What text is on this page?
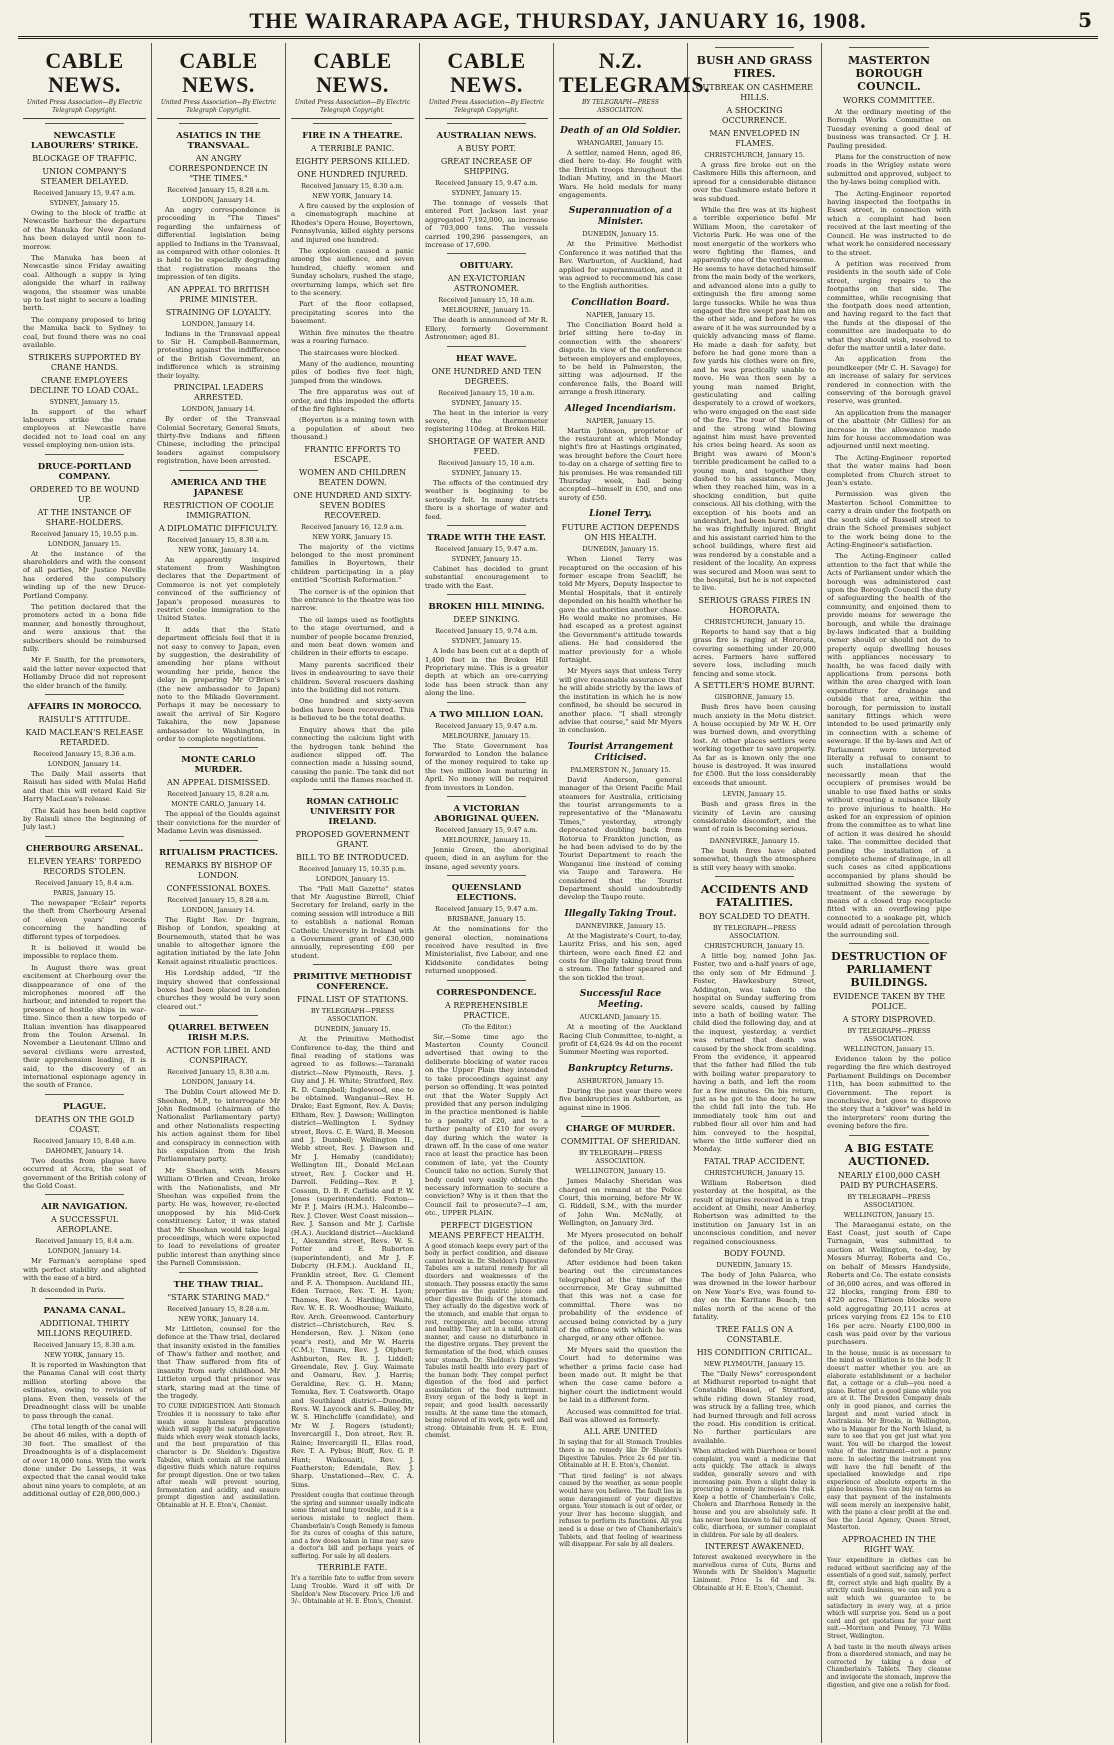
THE WAIRARAPA AGE, THURSDAY, JANUARY 16, 1908.	5
CABLE NEWS.
United Press Association—By Electric Telegraph Copyright.
NEWCASTLE LABOURERS' STRIKE.
BLOCKAGE OF TRAFFIC.
UNION COMPANY'S STEAMER DELAYED.
Received January 15, 9.47 a.m.
SYDNEY, January 15.
Owing to the block of traffic at Newcastle harbour the departure of the Manuka for New Zealand has been delayed until noon to-morrow.
The Manuka has been at Newcastle since Friday awaiting coal. Although a suppy is lying alongside the wharf in railway wagons, the steamer was unable up to last night to secure a loading berth.
The company proposed to bring the Manuka back to Sydney to coal, but found there was no coal available.
STRIKERS SUPPORTED BY CRANE HANDS.
CRANE EMPLOYEES DECLINE TO LOAD COAL.
SYDNEY, January 15.
In support of the wharf labourers strike the crane employees at Newcastle have decided not to load coal on any vessel employing non-union ists.
DRUCE-PORTLAND COMPANY.
ORDERED TO BE WOUND UP.
AT THE INSTANCE OF SHARE-HOLDERS.
Received January 15, 10.55 p.m.
LONDON, January 15.
At the instance of the shareholders and with the consent of all parties, Mr Justice Neville has ordered the compulsory winding up of the new Druce-Portland Company.
The petition declared that the promoters acted in a bona fide manner, and honestly throughout, and were anxious that the subscribers should be reimbursed fully.
Mr F. Smith, for the promoters, said the latter never expected that Hollamby Druce did not represent the elder branch of the family.
AFFAIRS IN MOROCCO.
RAISULI'S ATTITUDE.
KAID MACLEAN'S RELEASE RETARDED.
Received January 15, 8.36 a.m.
LONDON, January 14.
The Daily Mail asserts that Raisuli has sided with Mulai Hafid and that this will retard Kaid Sir Harry MacLean's release.
(The Kaid has been held captive by Raisuli since the beginning of July last.)
CHERBOURG ARSENAL.
ELEVEN YEARS' TORPEDO RECORDS STOLEN.
Received January 15, 8.4 a.m.
PARIS, January 15.
The newspaper "Eclair" reports the theft from Cherbourg Arsenal of eleven years' records concerning the handling of different types of torpedoes.
It is believed it would be impossible to replace them.
In August there was great excitement at Cherbourg over the disappearance of one of the microphones moored off the harbour, and intended to report the presence of hostile ships in war-time. Since then a new torpedo of Italian invention has disappeared from the Toulon Arsenal. In November a Lieutenant Ullmo and several civilians were arrested, their apprehension leading, it is said, to the discovery of an international espionage agency in the south of France.
PLAGUE.
DEATHS ON THE GOLD COAST.
Received January 15, 8.48 a.m.
DAHOMEY, January 14.
Two deaths from plague have occurred at Accra, the seat of government of the British colony of the Gold Coast.
AIR NAVIGATION.
A SUCCESSFUL AEROPLANE.
Received January 15, 8.4 a.m.
LONDON, January 14.
Mr Farman's aeroplane sped with perfect stability and alighted with the ease of a bird.
It descended in Paris.
PANAMA CANAL.
ADDITIONAL THIRTY MILLIONS REQUIRED.
Received January 15, 8.30 a.m.
NEW YORK, January 15.
It is reported in Washington that the Panama Canal will cost thirty million sterling above the estimates, owing to revision of plans. Even then, vessels of the Dreadnought class will be unable to pass through the canal.
(The total length of the canal will be about 46 miles, with a depth of 30 feet. The smallest of the Dreadnoughts is of a displacement of over 18,000 tons. With the work done under De Lesseps, it was expected that the canal would take about nine years to complete, at an additional outlay of £28,000,000.)
CABLE NEWS.
United Press Association—By Electric Telegraph Copyright.
ASIATICS IN THE TRANSVAAL.
AN ANGRY CORRESPONDENCE IN "THE TIMES."
Received January 15, 8.28 a.m.
LONDON, January 14.
An angry correspondence is proceeding in "The Times" regarding the unfairness of differential legislation being applied to Indians in the Transvaal, as compared with other colonies. It is held to be especially degrading that registration means the impression of ten digits.
AN APPEAL TO BRITISH PRIME MINISTER.
STRAINING OF LOYALTY.
LONDON, January 14.
Indians in the Transvaal appeal to Sir H. Campbell-Bannerman, protesting against the indifference of the British Government, an indifference which is straining their loyalty.
PRINCIPAL LEADERS ARRESTED.
LONDON, January 14.
By order of the Transvaal Colonial Secretary, General Smuts, thirty-five Indians and fifteen Chinese, including the principal leaders against compulsory registration, have been arrested.
AMERICA AND THE JAPANESE
RESTRICTION OF COOLIE IMMIGRATION.
A DIPLOMATIC DIFFICULTY.
Received January 15, 8.30 a.m.
NEW YORK, January 14.
An apparently inspired statement from Washington declares that the Department of Commerce is not yet completely convinced of the sufficiency of Japan's proposed measures to restrict coolie immigration to the United States.
It adds that the State department officials feel that it is not easy to convey to Japan, even by suggestion, the desirability of amending her plans without wounding her pride, hence the delay in preparing Mr O'Brien's (the new ambassador to Japan) note to the Mikado Government. Perhaps it may be necessary to await the arrival of Sir Kogoro Takahira, the new Japanese ambassador to Washington, in order to complete negotiations.
MONTE CARLO MURDER.
AN APPEAL DISMISSED.
Received January 15, 8.28 a.m.
MONTE CARLO, January 14.
The appeal of the Goulds against their convictions for the murder of Madame Levin was dismissed.
RITUALISM PRACTICES.
REMARKS BY BISHOP OF LONDON.
CONFESSIONAL BOXES.
Received January 15, 8.28 a.m.
LONDON, January 14.
The Right Rev. Dr Ingram, Bishop of London, speaking at Bournemouth, stated that he was unable to altogether ignore the agitation initiated by the late John Kensit against ritualistic practices.
His Lordship added, "If the inquiry showed that confessional boxes had been placed in London churches they would be very soon cleared out."
QUARREL BETWEEN IRISH M.P.S.
ACTION FOR LIBEL AND CONSPIRACY.
Received January 15, 8.30 a.m.
LONDON, January 14.
The Dublin Court allowed Mr D. Sheehan, M.P., to interrogate Mr John Redmond (chairman of the Nationalist Parliamentary party) and other Nationalists respecting his action against them for libel and conspiracy in connection with his expulsion from the Irish Parliamentary party.
Mr Sheehan, with Messrs William O'Brien and Crean, broke with the Nationalists, and Mr Sheehan was expelled from the party. He was, however, re-elected unopposed by his Mid-Cork constituency. Later, it was stated that Mr Sheehan would take legal proceedings, which were expected to lead to revelations of greater public interest than anything since the Parnell Commission.
THE THAW TRIAL.
"STARK STARING MAD."
Received January 15, 8.28 a.m.
NEW YORK, January 14.
Mr Littleton, counsel for the defence at the Thaw trial, declared that insanity existed in the families of Thaw's father and mother, and that Thaw suffered from fits of insanity from early childhood. Mr Littleton urged that prisoner was stark, staring mad at the time of the tragedy.
TO CURE INDIGESTION. Anti Stomach Troubles it is necessary to take after meals some harmless preparation which will supply the natural digestive fluids which every weak stomach lacks, and the best preparation of this character is Dr. Sheldon's Digestive Tabules, which contain all the natural digestive fluids which nature requires for prompt digestion. One or two taken after meals will prevent souring, fermentation and acidity, and ensure prompt digestion and assimilation. Obtainable at H. E. Eton's, Chemist.
CABLE NEWS.
United Press Association—By Electric Telegraph Copyright.
FIRE IN A THEATRE.
A TERRIBLE PANIC.
EIGHTY PERSONS KILLED.
ONE HUNDRED INJURED.
Received January 15, 8.30 a.m.
NEW YORK, January 14.
A fire caused by the explosion of a cinematograph machine at Rhodes's Opera House, Boyertown, Pennsylvania, killed eighty persons and injured one hundred.
The explosion caused a panic among the audience, and seven hundred, chiefly women and Sunday scholars, rushed the stage, overturning lamps, which set fire to the scenery.
Part of the floor collapsed, precipitating scores into the basement.
Within five minutes the theatre was a roaring furnace.
The staircases were blocked.
Many of the audience, mounting piles of bodies five feet high, jumped from the windows.
The fire apparatus was out of order, and this impeded the efforts of the fire fighters.
(Boyerton is a mining town with a population of about two thousand.)
FRANTIC EFFORTS TO ESCAPE.
WOMEN AND CHILDREN BEATEN DOWN.
ONE HUNDRED AND SIXTY-SEVEN BODIES RECOVERED.
Received January 16, 12.9 a.m.
NEW YORK, January 15.
The majority of the victims belonged to the most prominent families in Boyertown, their children participating in a play entitled "Scottish Reformation."
The corner is of the opinion that the entrance to the theatre was too narrow.
The oil lamps used as footlights to the stage overturned, and a number of people became frenzied, and men beat down women and children in their efforts to escape.
Many parents sacrificed their lives in endeavouring to save their children. Several rescuers dashing into the building did not return.
One hundred and sixty-seven bodies have been recovered. This is believed to be the total deaths.
Enquiry shows that the pile connecting the calcium light with the hydrogen tank behind the audience slipped off. The connection made a hissing sound, causing the panic. The tank did not explode until the flames reached it.
ROMAN CATHOLIC UNIVERSITY FOR IRELAND.
PROPOSED GOVERNMENT GRANT.
BILL TO BE INTRODUCED.
Received January 15, 10.35 p.m.
LONDON, January 15.
The "Pall Mall Gazette" states that Mr Augustine Birrell, Chief Secretary for Ireland, early in the coming session will introduce a Bill to establish a national Roman Catholic University in Ireland with a Government grant of £30,000 annually, representing £60 per student.
PRIMITIVE METHODIST CONFERENCE.
FINAL LIST OF STATIONS.
BY TELEGRAPH—PRESS ASSOCIATION.
DUNEDIN, January 15.
At the Primitive Methodist Conference to-day, the third and final reading of stations was agreed to as follows:—Taranaki district—New Plymouth, Revs. J. Guy and J. H. White; Stratford, Rev. R. D. Campbell; Inglewood, one to be obtained. Wanganui—Rev. H. Drake; East Egmont, Rev. A. Davis; Eltham, Rev. J. Dawson; Wellington district—Wellington I. Sydney street, Revs. C. E. Ward, B. Meeson and J. Dumbell; Wellington II., Webb street, Rev. J. Dawson and Mr J. Hemaby (candidate); Wellington III., Donald McLean street, Rev. J. Cocker and H. Darrell. Feilding—Rev. P. J. Cossum, D. B. F. Carlisle and P. W. Jones (superintendent). Foxton—Mr P. J. Mairs (H.M.). Halcombe—Rev. J. Clover. West Coast mission—Rev. J. Sanson and Mr J. Carlisle (H.A.). Auckland district—Auckland I., Alexandra street, Revs. W. S. Potter and E. Ruborton (superintendent), and Mr J. F. Dobcrty (H.F.M.). Auckland II., Franklin street, Rev. G. Clement and F. A. Thompson. Auckland III., Eden Terrace, Rev. T. H. Lyon; Thames, Rev. A. Harding; Waihi, Rev. W. E. R. Woodhouse; Waikato, Rev. Arch. Greenwood. Canterbury district—Christchurch, Rev. S. Henderson, Rev. J. Nixon (one year's rest), and Mr W. Harris (C.M.); Timaru, Rev. J. Olphert; Ashburton, Rev. R. J. Liddell; Greendale, Rev. J. Guy. Waimate and Oamaru, Rev. J. Harris; Geraldine, Rev. G. H. Mann; Temuka, Rev. T. Coatsworth. Otago and Southland district—Dunedin, Revs. W. Laycock and S. Bailey, Mr W. S. Hinchcliffe (candidate), and Mr W. J. Rogers (student); Invercargill I., Don street, Rev. R. Raine; Invercargill II., Ellas road, Rev. T. A. Pybus; Bluff, Rev. G. P. Hunt; Waikouaiti, Rev. J. Featherston; Edendale, Rev. J. Sharp. Unstationed—Rev. C. A. Sims.
President coughs that continue through the spring and summer usually indicate some throat and lung trouble, and it is a serious mistake to neglect them. Chamberlain's Cough Remedy is famous for its cures of coughs of this nature, and a few doses taken in time may save a doctor's bill and perhaps years of suffering. For sale by all dealers.
TERRIBLE FATE.
It's a terrible fate to suffer from severe Lung Trouble. Ward it off with Dr Sheldon's New Discovery. Price 1/6 and 3/-. Obtainable at H. E. Eton's, Chemist.
CABLE NEWS.
United Press Association—By Electric Telegraph Copyright.
AUSTRALIAN NEWS.
A BUSY PORT.
GREAT INCREASE OF SHIPPING.
Received January 15, 9.47 a.m.
SYDNEY, January 15.
The tonnage of vessels that entered Port Jackson last year aggregated 7,192,000, an increase of 703,000 tons. The vessels carried 190,296 passengers, an increase of 17,690.
OBITUARY.
AN EX-VICTORIAN ASTRONOMER.
Received January 15, 10 a.m.
MELBOURNE, January 15.
The death is announced of Mr R. Ellery, formerly Government Astronomer; aged 81.
HEAT WAVE.
ONE HUNDRED AND TEN DEGREES.
Received January 15, 10 a.m.
SYDNEY, January 15.
The heat in the interior is very severe, the thermometer registering 110deg. at Broken Hill.
SHORTAGE OF WATER AND FEED.
Received January 15, 10 a.m.
SYDNEY, January 15.
The effects of the continued dry weather is beginning to be seriously felt. In many districts there is a shortage of water and feed.
TRADE WITH THE EAST.
Received January 15, 9.47 a.m.
SYDNEY, January 15.
Cabinet has decided to grant substantial encouragement to trade with the East.
BROKEN HILL MINING.
DEEP SINKING.
Received January 15, 9.74 a.m.
SYDNEY, January 15.
A lode has been cut at a depth of 1,400 feet in the Broken Hill Proprietary mine. This is a greater depth at which an ore-carrying lode has been struck than any along the line.
A TWO MILLION LOAN.
Received January 15, 9.47 a.m.
MELBOURNE, January 15.
The State Government has forwarded to London the balance of the money required to take up the two million loan maturing in April. No money will be required from investors in London.
A VICTORIAN ABORIGINAL QUEEN.
Received January 15, 9.47 a.m.
MELBOURNE, January 15.
Jennie Green, the aboriginal queen, died in an asylum for the insane, aged seventy years.
QUEENSLAND ELECTIONS.
Received January 15, 9.47 a.m.
BRISBANE, January 15.
At the nominations for the general election, nominations received have resulted in five Ministerialist, five Labour, and one Kiddsonite candidates being returned unopposed.
CORRESPONDENCE.
A REPREHENSIBLE PRACTICE.
(To the Editor.)
Sir,—Some time ago the Masterton County Council advertised that owing to the deliberate blocking of water races on the Upper Plain they intended to take proceedings against any person so offending. It was pointed out that the Water Supply Act provided that any person indulging in the practice mentioned is liable to a penalty of £20, and to a further penalty of £10 for every day during which the water is drawn off. In the case of one water race at least the practice has been common of late, yet the County Council take no action. Surely that body could very easily obtain the necessary information to secure a conviction? Why is it then that the Council fail to prosecute?—I am, etc., UPPER PLAIN.
PERFECT DIGESTION MEANS PERFECT HEALTH.
A good stomach keeps every part of the body in perfect condition, and disease cannot break in. Dr. Sheldon's Digestive Tabules are a natural remedy for all disorders and weaknesses of the stomach. They possess exactly the same properties as the gastric juices and other digestive fluids of the stomach. They actually do the digestive work of the stomach, and enable that organ to rest, recuperate, and become strong and healthy. They act in a mild, natural manner, and cause no disturbance in the digestive organs. They prevent the fermentation of the food, which causes sour stomach. Dr. Sheldon's Digestive Tabules instil health into every part of the human body. They compel perfect digestion of the food and perfect assimilation of the food nutriment. Every organ of the body is kept in repair, and good health necessarily results. At the same time the stomach, being relieved of its work, gets well and strong. Obtainable from H. E. Eton, chemist.
N.Z. TELEGRAMS.
BY TELEGRAPH—PRESS ASSOCIATION.
Death of an Old Soldier.
WHANGAREI, January 15.
A settler, named Henn, aged 86, died here to-day. He fought with the British troops throughout the Indian Mutiny, and in the Maori Wars. He held medals for many engagements.
Superannuation of a Minister.
DUNEDIN, January 15.
At the Primitive Methodist Conference it was notified that the Rev. Warburton, of Auckland, had applied for superannuation, and it was agreed to recommend his case to the English authorities.
Conciliation Board.
NAPIER, January 15.
The Conciliation Board held a brief sitting here to-day in connection with the shearers' dispute. In view of the conference between employers and employees, to be held in Palmerston, the sitting was adjourned. If the conference fails, the Board will arrange a fresh itinerary.
Alleged Incendiarism.
NAPIER, January 15.
Martin Johnson, proprietor of the restaurant at which Monday night's fire at Hastings originated, was brought before the Court here to-day on a charge of setting fire to his premises. He was remanded till Thursday week, bail being accepted—himself in £50, and one surety of £50.
Lionel Terry.
FUTURE ACTION DEPENDS ON HIS HEALTH.
DUNEDIN, January 15.
When Lionel Terry was recaptured on the occasion of his former escape from Seacliff, he told Mr Myers, Deputy Inspector to Mental Hospitals, that it entirely depended on his health whether he gave the authorities another chase. He would make no promises. He had escaped as a protest against the Government's attitude towards aliens. He had considered the matter previously for a whole fortnight.
Mr Myers says that unless Terry will give reasonable assurance that he will abide strictly by the laws of the institution in which he is now confined, he should be secured in another place. "I shall strongly advise that course," said Mr Myers in conclusion.
Tourist Arrangement Criticised.
PALMERSTON N., January 15.
David Anderson, general manager of the Orient Pacific Mail steamers for Australia, criticising the tourist arrangements to a representative of the "Manawatu Times," yesterday, strongly deprecated doubling back from Rotorua to Frankton junction, as he had been advised to do by the Tourist Department to reach the Wanganui line instead of coming via Taupo and Tarawera. He considered that the Tourist Department should undoubtedly develop the Taupo route.
Illegally Taking Trout.
DANNEVIRKE, January 15.
At the Magistrate's Court, to-day, Lauritz Friss, and his son, aged thirteen, were each fined £2 and costs for illegally taking trout from a stream. The father speared and the son tickled the trout.
Successful Race Meeting.
AUCKLAND, January 15.
At a meeting of the Auckland Racing Club Committee, to-night, a profit of £4,624 9s 4d on the recent Summer Meeting was reported.
Bankruptcy Returns.
ASHBURTON, January 15.
During the past year there were five bankruptcies in Ashburton, as against nine in 1906.
CHARGE OF MURDER.
COMMITTAL OF SHERIDAN.
BY TELEGRAPH—PRESS ASSOCIATION.
WELLINGTON, January 15.
James Malachy Sheridan was charged on remand at the Police Court, this morning, before Mr W. G. Riddell, S.M., with the murder of John Wm. McNally, at Wellington, on January 3rd.
Mr Myers prosecuted on behalf of the police, and accused was defended by Mr Gray.
After evidence had been taken bearing out the circumstances telegraphed at the time of the occurrence, Mr Gray submitted that this was not a case for committal. There was no probability of the evidence of accused being convicted by a jury of the offence with which he was charged, or any other offence.
Mr Myers said the question the Court had to determine was whether a prima facie case had been made out. It might be that when the case came before a higher court the indictment would be laid in a different form.
Accused was committed for trial. Bail was allowed as formerly.
ALL ARE UNITED
In saying that for all Stomach Troubles there is no remedy like Dr Sheldon's Digestive Tabules. Price 2s 6d per tin. Obtainable at H. E. Eton's, Chemist.
"That tired feeling" is not always caused by the weather, as some people would have you believe. The fault lies in some derangement of your digestive organs. Your stomach is out of order, or your liver has become sluggish, and refuses to perform its functions. All you need is a dose or two of Chamberlain's Tablets, and that feeling of weariness will disappear. For sale by all dealers.
BUSH AND GRASS FIRES.
OUTBREAK ON CASHMERE HILLS.
A SHOCKING OCCURRENCE.
MAN ENVELOPED IN FLAMES.
CHRISTCHURCH, January 15.
A grass fire broke out on the Cashmere Hills this afternoon, and spread for a considerable distance over the Cashmere estate before it was subdued.
While the fire was at its highest a terrible experience befel Mr William Moon, the caretaker of Victoria Park. He was one of the most energetic of the workers who were fighting the flames, and apparently one of the venturesome. He seems to have detached himself from the main body of the workers, and advanced alone into a gully to extinguish the fire among some large tussocks. While he was thus engaged the fire swept past him on the other side, and before he was aware of it he was surrounded by a quickly advancing mass of flame. He made a dash for safety, but before he had gone more than a few yards his clothes were on fire, and he was practically unable to move. He was then seen by a young man named Bright, gesticulating and calling desperately to a crowd of workers, who were engaged on the east side of the fire. The roar of the flames and the strong wind blowing against him must have prevented his cries being heard. As soon as Bright was aware of Moon's terrible predicament he called to a young man, and together they dashed to his assistance. Moon, when they reached him, was in a shocking condition, but quite conscious. All his clothing, with the exception of his boots and an undershirt, had been burnt off, and he was frightfully injured. Bright and his assistant carried him to the school buildings, where first aid was rendered by a constable and a resident of the locality. An express was secured and Moon was sent to the hospital, but he is not expected to live.
SERIOUS GRASS FIRES IN HORORATA.
CHRISTCHURCH, January 15.
Reports to hand say that a big grass fire is raging at Hororata, covering something under 20,000 acres. Farmers have suffered severe loss, including much fencing and some stock.
A SETTLER'S HOME BURNT.
GISBORNE, January 15.
Bush fires have been causing much anxiety in the Motu district. A house occupied by Mr W. H. Orr was burned down, and everything lost. At other places settlers were working together to save property. As far as is known only the one house is destroyed. It was insured for £500. But the loss considerably exceeds that amount.
LEVIN, January 15.
Bush and grass fires in the vicinity of Levin are causing considerable discomfort, and the want of rain is becoming serious.
DANNEVIRKE, January 15.
The bush fires have abated somewhat, though the atmosphere is still very heavy with smoke.
ACCIDENTS AND FATALITIES.
BOY SCALDED TO DEATH.
BY TELEGRAPH—PRESS ASSOCIATION.
CHRISTCHURCH, January 15.
A little boy, named John Jas. Foster, two and a-half years of age, the only son of Mr Edmund J. Foster, Hawkesbury Street, Addington, was taken to the hospital on Sunday suffering from severe scalds, caused by falling into a bath of boiling water. The child died the following day, and at the inquest, yesterday, a verdict was returned that death was caused by the shock from scalding. From the evidence, it appeared that the father had filled the tub with boiling water preparatory to having a bath, and left the room for a few minutes. On his return, just as he got to the door, he saw the child fall into the tub. He immediately took him out and rubbed flour all over him and had him conveyed to the hospital, where the little sufferer died on Monday.
FATAL TRAP ACCIDENT.
CHRISTCHURCH, January 15.
William Robertson died yesterday at the hospital, as the result of injuries received in a trap accident at Omihi, near Amberley. Robertson was admitted to the institution on January 1st in an unconscious condition, and never regained consciousness.
BODY FOUND.
DUNEDIN, January 15.
The body of John Palarca, who was drowned in the lower harbour on New Year's Eve, was found to-day on the Karitane Beach, ten miles north of the scene of the fatality.
TREE FALLS ON A CONSTABLE.
HIS CONDITION CRITICAL.
NEW PLYMOUTH, January 15.
The "Daily News" correspondent at Midhurst reported to-night that Constable Bleasel, of Stratford, while riding down Stanley road, was struck by a falling tree, which had burned through and fell across the road. His condition is critical. No further particulars are available.
When attacked with Diarrhoea or bowel complaint, you want a medicine that acts quickly. The attack is always sudden, generally severe and with increasing pain. Even a slight delay in procuring a remedy increases the risk. Keep a bottle of Chamberlain's Colic, Cholera and Diarrhoea Remedy in the house and you are absolutely safe. It has never been known to fail in cases of colic, diarrhoea, or summer complaint in children. For sale by all dealers.
INTEREST AWAKENED.
Interest awakened everywhere in the marvellous cures of Cuts, Burns and Wounds with Dr Sheldon's Magnetic Liniment. Price 1s 6d and 3s. Obtainable at H. E. Eton's, Chemist.
MASTERTON BOROUGH COUNCIL.
WORKS COMMITTEE.
At the ordinary meeting of the Borough Works Committee on Tuesday evening a good deal of business was transacted. Cr J. H. Pauling presided.
Plans for the construction of new roads in the Wrigley estate were submitted and approved, subject to the by-laws being complied with.
The Acting-Engineer reported having inspected the footpaths in Essex street, in connection with which a complaint had been received at the last meeting of the Council. He was instructed to do what work he considered necessary to the street.
A petition was received from residents in the south side of Cole street, urging repairs to the footpaths on that side. The committee, while recognising that the footpath does need attention, and having regard to the fact that the funds at the disposal of the committee are inadequate to do what they should wish, resolved to defer the matter until a later date.
An application from the poundkeeper (Mr C. H. Savage) for an increase of salary for services rendered in connection with the conserving of the borough gravel reserve, was granted.
An application from the manager of the abattoir (Mr Gillies) for an increase in the allowance made him for house accommodation was adjourned until next meeting.
The Acting-Engineer reported that the water mains had been completed from Church street to Jean's estate.
Permission was given the Masterton School Committee to carry a drain under the footpath on the south side of Russell street to drain the School premises subject to the work being done to the Acting-Engineer's satisfaction.
The Acting-Engineer called attention to the fact that while the Acts of Parliament under which the borough was administered cast upon the Borough Council the duty of safeguarding the health of the community, and enjoined them to provide means for sewerage the borough, and while the drainage by-laws indicated that a building owner should or should not do to properly equip dwelling houses with appliances necessary to health, he was faced daily with applications from persons both within the area charged with loan expenditure for drainage and outside that area, within the borough, for permission to install sanitary fittings which were intended to be used primarily only in connection with a scheme of sewerage. If the by-laws and Act of Parliament were interpreted literally a refusal to consent to such installations would necessarily mean that the occupiers of premises would be unable to use fixed baths or sinks without creating a nuisance likely to prove injurious to health. He asked for an expression of opinion from the committee as to what line of action it was desired he should take. The committee decided that pending the installation of a complete scheme of drainage, in all such cases as cited applications accompanied by plans should be submitted showing the system of treatment of the sewerage by means of a closed trap receptacle fitted with an overflowing pipe connected to a soakage pit, which would admit of percolation through the surrounding soil.
DESTRUCTION OF PARLIAMENT BUILDINGS.
EVIDENCE TAKEN BY THE POLICE.
A STORY DISPROVED.
BY TELEGRAPH—PRESS ASSOCIATION.
WELLINGTON, January 15.
Evidence taken by the police regarding the fire which destroyed Parliament Buildings on December 11th, has been submitted to the Government. The report is inconclusive, but goes to disprove the story that a "skiver" was held in the interpreters' room during the evening before the fire.
A BIG ESTATE AUCTIONED.
NEARLY £100,000 CASH PAID BY PURCHASERS.
BY TELEGRAPH—PRESS ASSOCIATION.
WELLINGTON, January 15.
The Maraeganui estate, on the East Coast, just south of Cape Turnagain, was submitted to auction at Wellington, to-day, by Messrs Murray, Roberts and Co., on behalf of Messrs Handyside, Roberts and Co. The estate consists of 36,600 acres, and was offered in 22 blocks, ranging from £80 to 4720 acres. Thirteen blocks were sold aggregating 20,111 acres at prices varying from £2 15s to £10 16s per acre. Nearly £100,000 in cash was paid over by the various purchasers.
In the house, music is as necessary to the mind as ventilation is to the body. It doesn't matter whether you are an elaborate establishment or a bachelor flat, a cottage or a club—you need a piano. Better get a good piano while you are at it. The Dresden Company deals only in good pianos, and carries the largest and most varied stock in Australasia. Mr Brooks, in Wellington, who is Manager for the North Island, is sure to see that you get just what you want. You will be charged the lowest value of the instrument—not a penny more. In selecting the instrument you will have the full benefit of the specialised knowledge and ripe experience of absolute experts in the piano business. You can buy on terms as easy that payment of the instalments will seem merely an inexpensive habit, with the piano a clear profit at the end. See the Local Agency, Queen Street, Masterton.
APPROACHED IN THE RIGHT WAY.
Your expenditure in clothes can be reduced without sacrificing any of the essentials of a good suit, namely, perfect fit, correct style and high quality. By a strictly cash business, we can sell you a suit which we guarantee to be satisfactory in every way, at a price which will surprise you. Send us a post card and get quotations for your next suit.—Morrison and Penney, 73 Willis Street, Wellington.
A bad taste in the mouth always arises from a disordered stomach, and may be corrected by taking a dose of Chamberlain's Tablets. They cleanse and invigorate the stomach, improve the digestion, and give one a relish for food.
